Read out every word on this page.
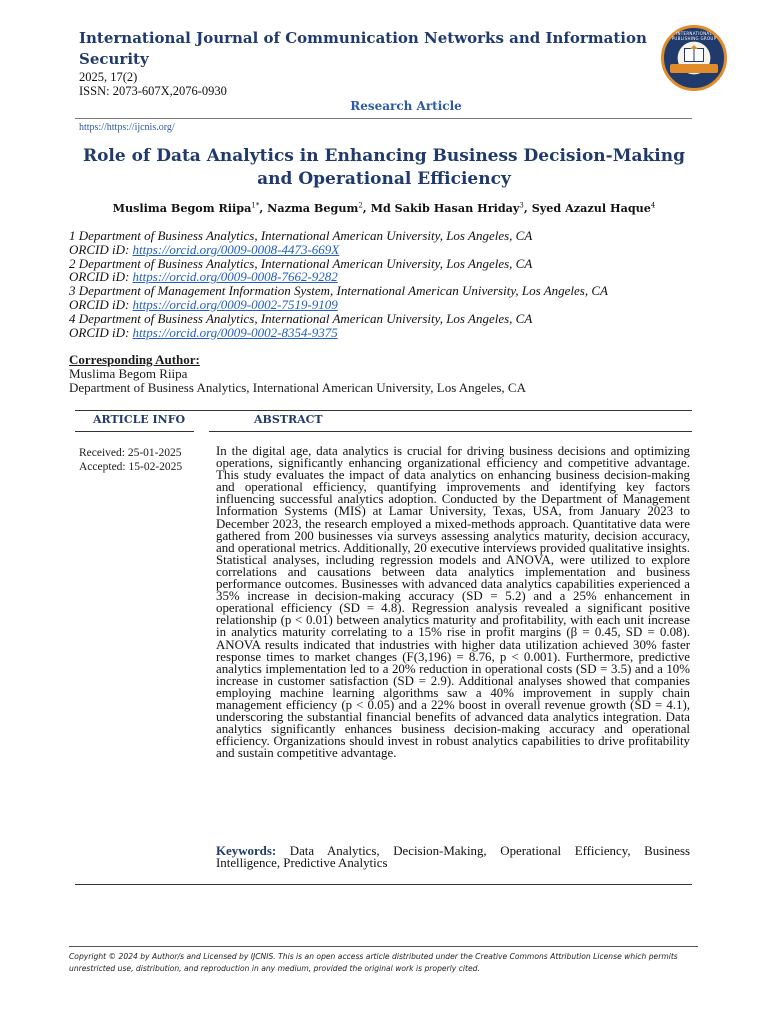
International Journal of Communication Networks and Information Security
2025, 17(2)
ISSN: 2073-607X,2076-0930
INTERNATIONAL PUBLISHING GROUP
Research Article
https://https://ijcnis.org/
Role of Data Analytics in Enhancing Business Decision-Making and Operational Efficiency
Muslima Begom Riipa$^{1*}$, Nazma Begum$^2$, Md Sakib Hasan Hriday$^3$, Syed Azazul Haque$^4$
1 Department of Business Analytics, International American University, Los Angeles, CA
ORCID iD: https://orcid.org/0009-0008-4473-669X
2 Department of Business Analytics, International American University, Los Angeles, CA
ORCID iD: https://orcid.org/0009-0008-7662-9282
3 Department of Management Information System, International American University, Los Angeles, CA
ORCID iD: https://orcid.org/0009-0002-7519-9109
4 Department of Business Analytics, International American University, Los Angeles, CA
ORCID iD: https://orcid.org/0009-0002-8354-9375
Corresponding Author:
Muslima Begom Riipa
Department of Business Analytics, International American University, Los Angeles, CA
ARTICLE INFO	ABSTRACT
Received: 25-01-2025
Accepted: 15-02-2025
In the digital age, data analytics is crucial for driving business decisions and optimizing operations, significantly enhancing organizational efficiency and competitive advantage. This study evaluates the impact of data analytics on enhancing business decision-making and operational efficiency, quantifying improvements and identifying key factors influencing successful analytics adoption. Conducted by the Department of Management Information Systems (MIS) at Lamar University, Texas, USA, from January 2023 to December 2023, the research employed a mixed-methods approach. Quantitative data were gathered from 200 businesses via surveys assessing analytics maturity, decision accuracy, and operational metrics. Additionally, 20 executive interviews provided qualitative insights. Statistical analyses, including regression models and ANOVA, were utilized to explore correlations and causations between data analytics implementation and business performance outcomes. Businesses with advanced data analytics capabilities experienced a 35% increase in decision-making accuracy (SD = 5.2) and a 25% enhancement in operational efficiency (SD = 4.8). Regression analysis revealed a significant positive relationship (p < 0.01) between analytics maturity and profitability, with each unit increase in analytics maturity correlating to a 15% rise in profit margins (β = 0.45, SD = 0.08). ANOVA results indicated that industries with higher data utilization achieved 30% faster response times to market changes (F(3,196) = 8.76, p < 0.001). Furthermore, predictive analytics implementation led to a 20% reduction in operational costs (SD = 3.5) and a 10% increase in customer satisfaction (SD = 2.9). Additional analyses showed that companies employing machine learning algorithms saw a 40% improvement in supply chain management efficiency (p < 0.05) and a 22% boost in overall revenue growth (SD = 4.1), underscoring the substantial financial benefits of advanced data analytics integration. Data analytics significantly enhances business decision-making accuracy and operational efficiency. Organizations should invest in robust analytics capabilities to drive profitability and sustain competitive advantage.
Keywords: Data Analytics, Decision-Making, Operational Efficiency, Business Intelligence, Predictive Analytics
Copyright © 2024 by Author/s and Licensed by IJCNIS. This is an open access article distributed under the Creative Commons Attribution License which permits unrestricted use, distribution, and reproduction in any medium, provided the original work is properly cited.
